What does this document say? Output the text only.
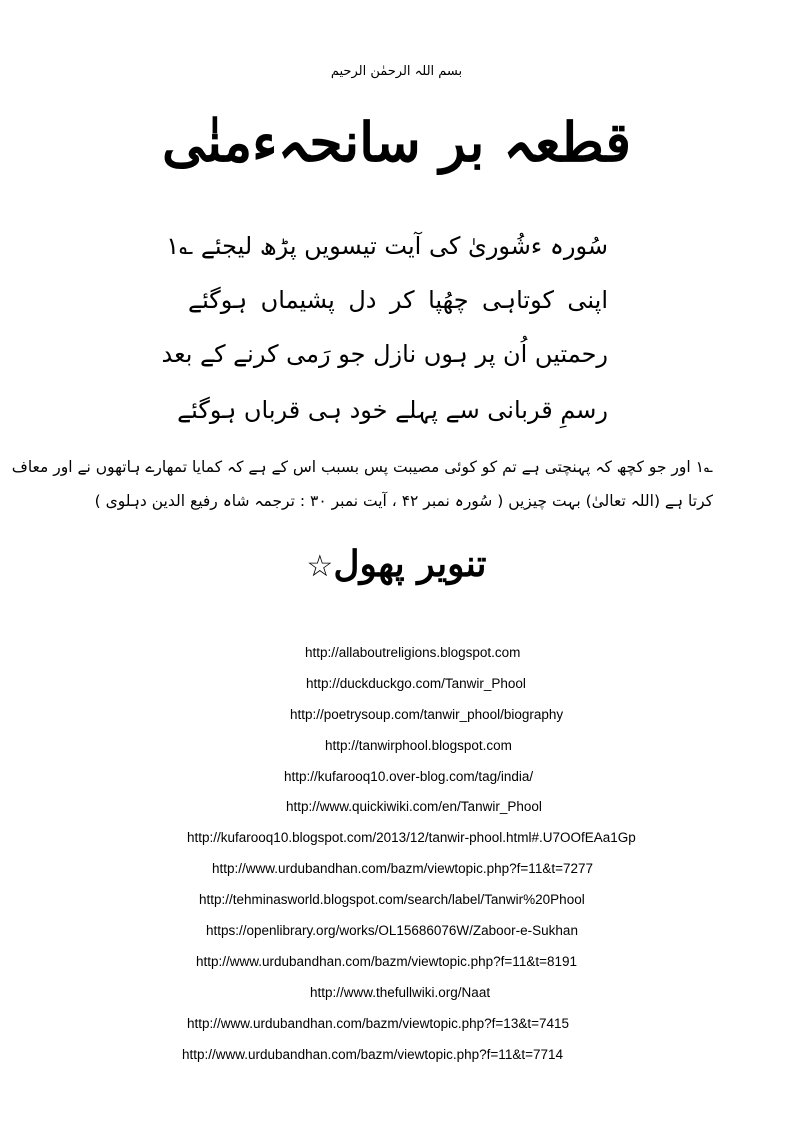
بسم اللہ الرحمٰن الرحیم
قطعہ بر سانحہءمنٰی
سُورہ ءشُوریٰ کی آیت تیسویں پڑھ لیجئے ؎۱
اپنی کوتاہی چھُپا کر دل پشیماں ہوگئے
رحمتیں اُن پر ہوں نازل جو رَمی کرنے کے بعد
رسمِ قربانی سے پہلے خود ہی قرباں ہوگئے
؎۱ اور جو کچھ کہ پہنچتی ہے تم کو کوئی مصیبت پس بسبب اس کے ہے کہ کمایا تمھارے ہاتھوں نے اور معاف
کرتا ہے (اللہ تعالیٰ) بہت چیزیں ( سُورہ نمبر ۴۲ ، آیت نمبر ۳۰ : ترجمہ شاہ رفیع الدین دہلوی )
تنویر پھول☆
http://allaboutreligions.blogspot.com
http://duckduckgo.com/Tanwir_Phool
http://poetrysoup.com/tanwir_phool/biography
http://tanwirphool.blogspot.com
http://kufarooq10.over-blog.com/tag/india/
http://www.quickiwiki.com/en/Tanwir_Phool
http://kufarooq10.blogspot.com/2013/12/tanwir-phool.html#.U7OOfEAa1Gp
http://www.urdubandhan.com/bazm/viewtopic.php?f=11&t=7277
http://tehminasworld.blogspot.com/search/label/Tanwir%20Phool
https://openlibrary.org/works/OL15686076W/Zaboor-e-Sukhan
http://www.urdubandhan.com/bazm/viewtopic.php?f=11&t=8191
http://www.thefullwiki.org/Naat
http://www.urdubandhan.com/bazm/viewtopic.php?f=13&t=7415
http://www.urdubandhan.com/bazm/viewtopic.php?f=11&t=7714
